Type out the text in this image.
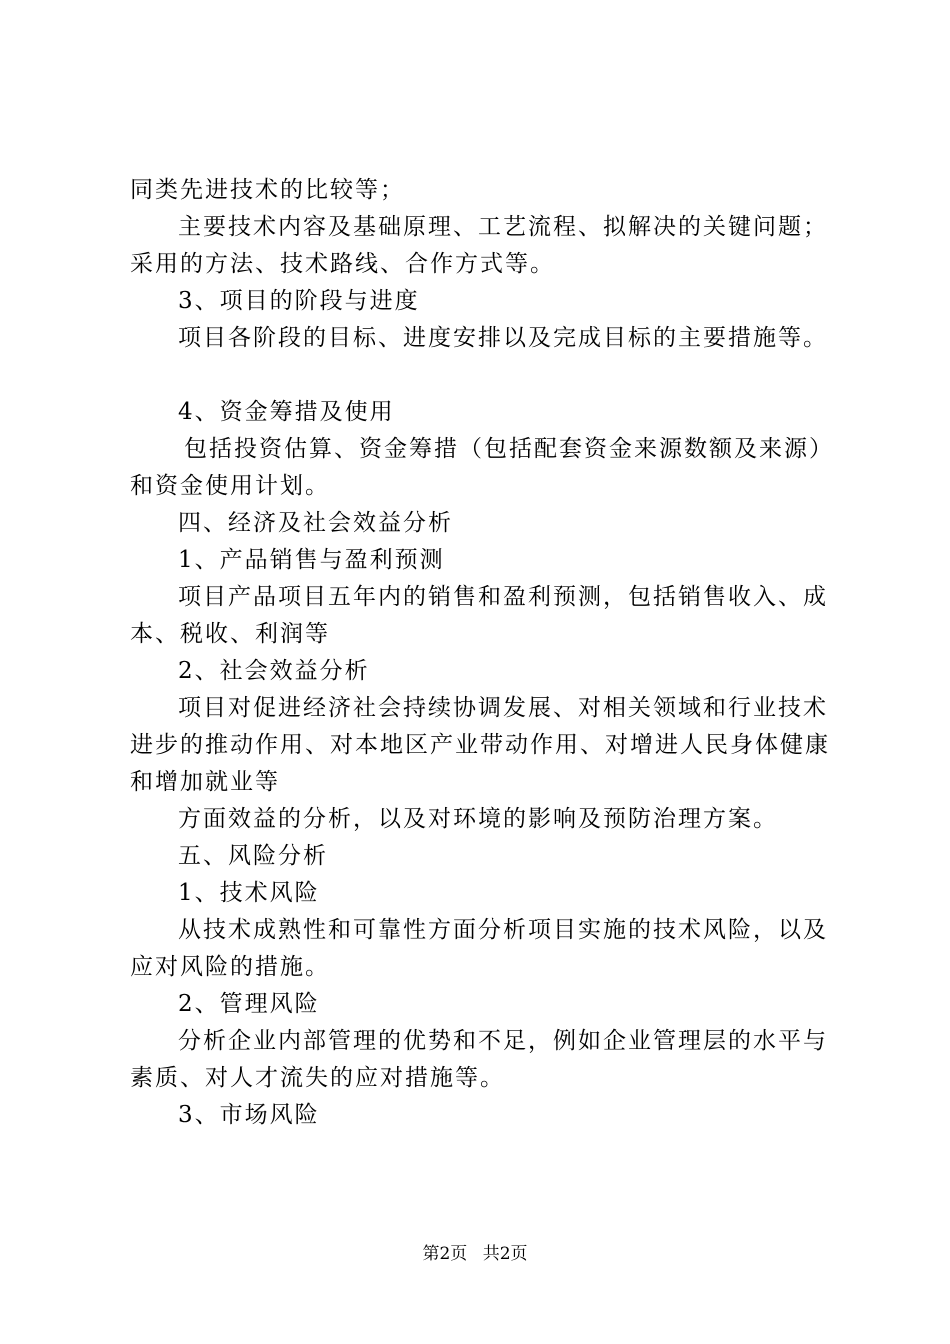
同类先进技术的比较等；

主要技术内容及基础原理、工艺流程、拟解决的关键问题；采用的方法、技术路线、合作方式等。

3、项目的阶段与进度

项目各阶段的目标、进度安排以及完成目标的主要措施等。

4、资金筹措及使用

包括投资估算、资金筹措（包括配套资金来源数额及来源）和资金使用计划。

四、经济及社会效益分析

1、产品销售与盈利预测

项目产品项目五年内的销售和盈利预测，包括销售收入、成本、税收、利润等

2、社会效益分析

项目对促进经济社会持续协调发展、对相关领域和行业技术进步的推动作用、对本地区产业带动作用、对增进人民身体健康和增加就业等

方面效益的分析，以及对环境的影响及预防治理方案。

五、风险分析

1、技术风险

从技术成熟性和可靠性方面分析项目实施的技术风险，以及应对风险的措施。

2、管理风险

分析企业内部管理的优势和不足，例如企业管理层的水平与素质、对人才流失的应对措施等。

3、市场风险

第2页 共2页
